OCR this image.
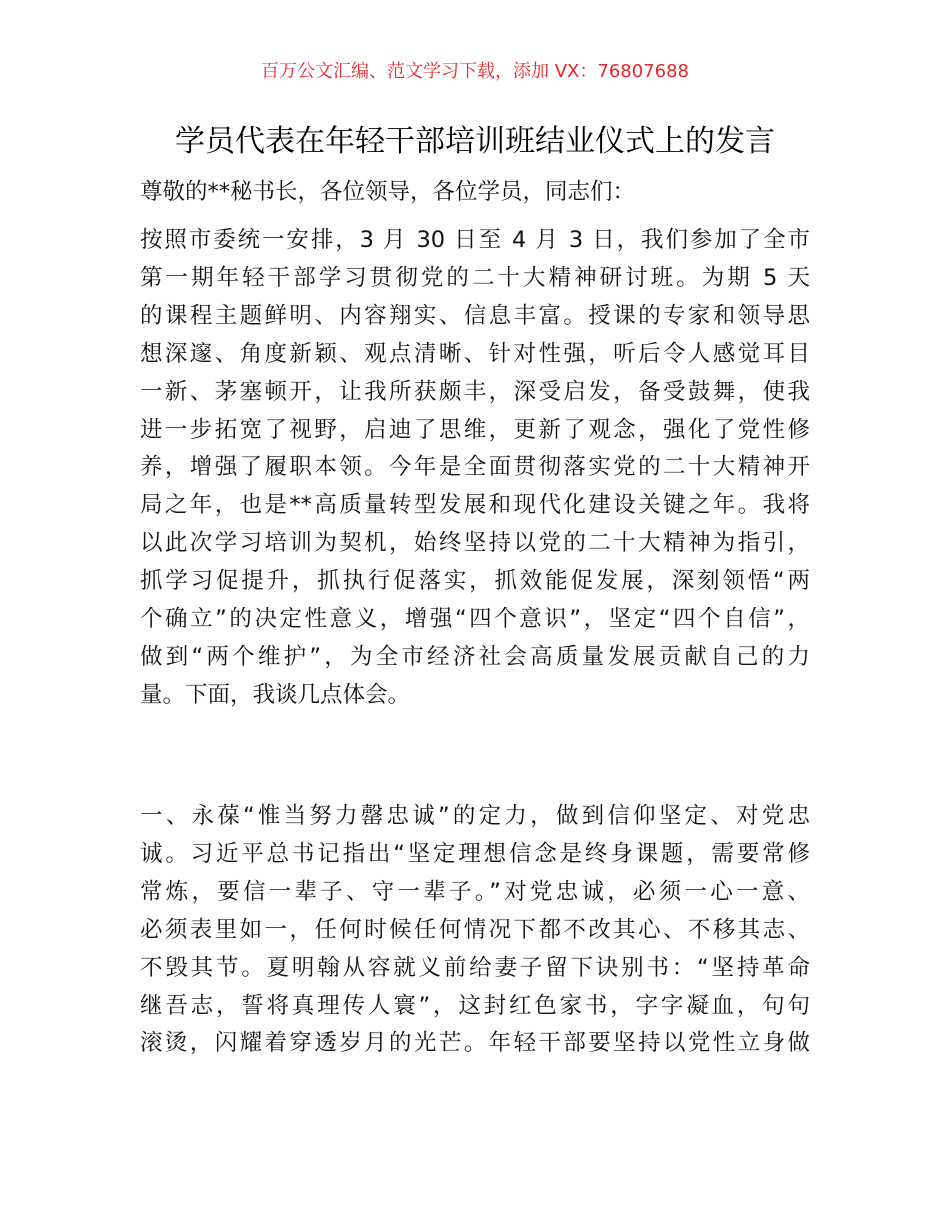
百万公文汇编、范文学习下载，添加 VX：76807688
学员代表在年轻干部培训班结业仪式上的发言
尊敬的**秘书长，各位领导，各位学员，同志们：
按照市委统一安排，3 月 30 日至 4 月 3 日，我们参加了全市
第一期年轻干部学习贯彻党的二十大精神研讨班。为期 5 天
的课程主题鲜明、内容翔实、信息丰富。授课的专家和领导思
想深邃、角度新颖、观点清晰、针对性强，听后令人感觉耳目
一新、茅塞顿开，让我所获颇丰，深受启发，备受鼓舞，使我
进一步拓宽了视野，启迪了思维，更新了观念，强化了党性修
养，增强了履职本领。今年是全面贯彻落实党的二十大精神开
局之年，也是**高质量转型发展和现代化建设关键之年。我将
以此次学习培训为契机，始终坚持以党的二十大精神为指引，
抓学习促提升，抓执行促落实，抓效能促发展，深刻领悟“两
个确立”的决定性意义，增强“四个意识”，坚定“四个自信”，
做到“两个维护”，为全市经济社会高质量发展贡献自己的力
量。下面，我谈几点体会。
一、永葆“惟当努力罄忠诚”的定力，做到信仰坚定、对党忠
诚。习近平总书记指出“坚定理想信念是终身课题，需要常修
常炼，要信一辈子、守一辈子。”对党忠诚，必须一心一意、
必须表里如一，任何时候任何情况下都不改其心、不移其志、
不毁其节。夏明翰从容就义前给妻子留下诀别书：“坚持革命
继吾志，誓将真理传人寰”，这封红色家书，字字凝血，句句
滚烫，闪耀着穿透岁月的光芒。年轻干部要坚持以党性立身做
